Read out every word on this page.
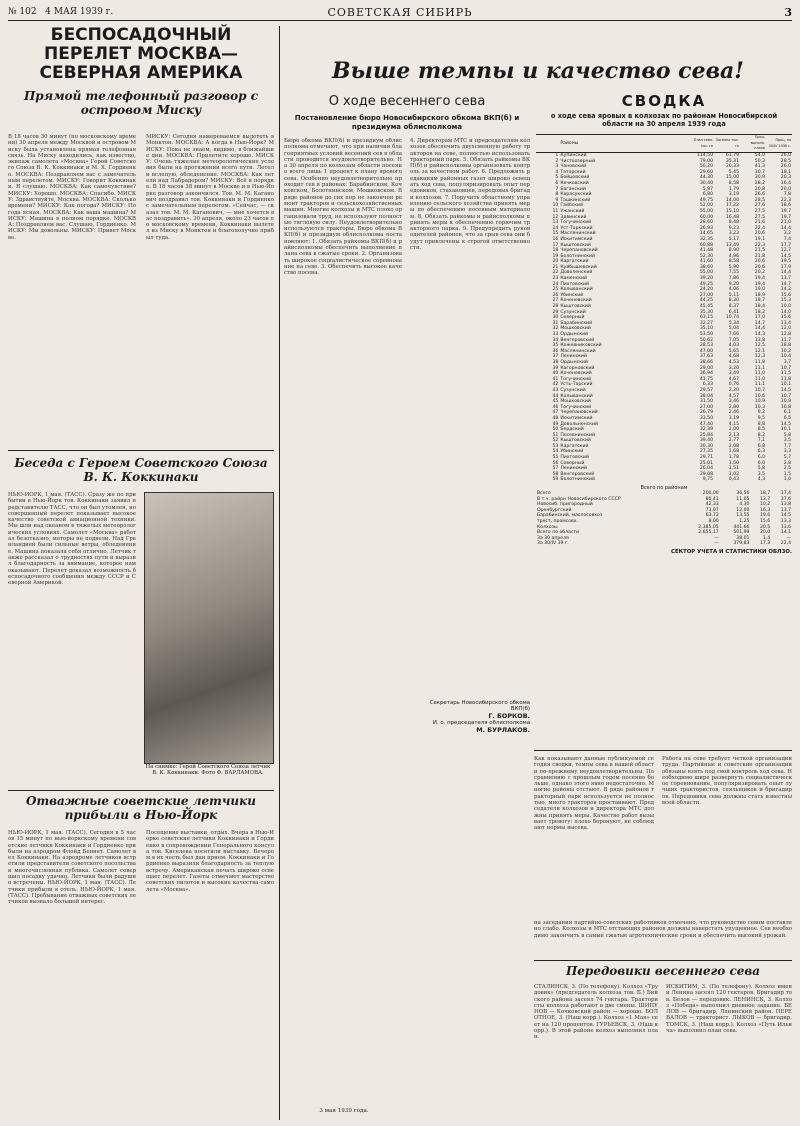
№ 102 4 МАЯ 1939 г.	СОВЕТСКАЯ СИБИРЬ	3
БЕСПОСАДОЧНЫЙ ПЕРЕЛЕТ МОСКВА—СЕВЕРНАЯ АМЕРИКА
Прямой телефонный разговор с островом Миску
В 18 часов 30 минут (по московскому времени) 30 апреля между Москвой и островом Миску была установлена прямая телефонная связь. На Миску находились, как известно, экипаж самолета «Москва» Герой Советского Союза В. К. Коккинаки и М. Х. Гордиенко. МОСКВА: Поздравляем вас с замечательным перелетом. МИСКУ: Говорит Коккинаки. Я слушаю. МОСКВА: Как самочувствие? МИСКУ: Хорошо. МОСКВА: Спасибо. МИСКУ: Здравствуйте, Москва. МОСКВА: Сколько времени? МИСКУ: Как погода? МИСКУ: Погода ясная. МОСКВА: Как ваша машина? МИСКУ: Машина в полном порядке. МОСКВА: Поздравляем вас. Слушаю, Гордиенко. МИСКУ: Мы довольны. МИСКУ: Привет Москве.
МИСКУ: Сегодня намереваемся вылететь в Монктон. МОСКВА: А когда в Нью-Йорк? МИСКУ: Пока не знаем, видимо, в ближайшие дни. МОСКВА: Прилетите хорошо. МИСКУ: Очень тяжелые метеорологические условия были на протяжении всего пути. Летели вслепую, обледенение. МОСКВА: Как летели над Лабрадором? МИСКУ: Всё в порядке. В 18 часов 38 минут в Москве и в Нью-Йорке разговор закончился. Тов. М. М. Каганович поздравил тов. Коккинаки и Гордиенко с замечательным перелетом. «Сейчас, — сказал тов. М. М. Каганович, — мне хочется вас поздравить». 30 апреля, около 23 часов по московскому времени, Коккинаки вылетел из Миску в Монктон и благополучно прибыл туда.
Беседа с Героем Советского Союза В. К. Коккинаки
НЬЮ-ЙОРК, 1 мая. (ТАСС). Сразу же по прибытии в Нью-Йорк тов. Коккинаки заявил представителю ТАСС, что он был утомлен, но совершенный перелет показывает высокое качество советской авиационной техники. Мы шли над океаном в тяжелых метеорологических условиях. Самолет «Москва» работал безотказно, моторы не подвели. Над Гренландией были сильные ветры, обледенение. Машина показала себя отлично. Летчик также рассказал о трудностях пути и выразил благодарность за внимание, которое нам оказывают. Перелет доказал возможность беспосадочного сообщения между СССР и Северной Америкой.
На снимке: Герой Советского Союза летчик В. К. Коккинаки. Фото Ф. ВАРЛАМОВА.
Отважные советские летчики прибыли в Нью-Йорк
НЬЮ-ЙОРК, 1 мая. (ТАСС). Сегодня в 5 часов 15 минут по нью-йоркскому времени советские летчики Коккинаки и Гордиенко прибыли на аэродром Флойд Беннет. Самолет вел Коккинаки. На аэродроме летчиков встретили представители советского посольства и многочисленная публика. Самолет совершил посадку удачно. Летчики были радушно встречены. НЬЮ-ЙОРК, 1 мая. (ТАСС). Летчики прибыли в отель. НЬЮ-ЙОРК, 1 мая. (ТАСС). Пребывание отважных советских летчиков вызвало большой интерес.
Посещение выставки, отдых. Вчера в Нью-Йорке советские летчики Коккинаки и Гордиенко в сопровождении Генерального консула тов. Киселева посетили выставку. Вечером в их честь был дан прием. Коккинаки и Гордиенко выразили благодарность за теплую встречу. Американская печать широко освещает перелет. Газеты отмечают мастерство советских пилотов и высокие качества самолета «Москва».
Выше темпы и качество сева!
О ходе весеннего сева
Постановление бюро Новосибирского обкома ВКП(б) и президиума облисполкома
Бюро обкома ВКП(б) и президиум облисполкома отмечают, что при наличии благоприятных условий весенний сев в области проводится неудовлетворительно. На 30 апреля по колхозам области посеяно всего лишь 1 процент к плану ярового сева. Особенно неудовлетворительно проходит сев в районах: Барабинском, Кочковском, Болотнинском, Мошковском. В ряде районов до сих пор не закончен ремонт тракторов и сельскохозяйственных машин. Многие колхозы и МТС плохо организовали труд, не используют полностью тягловую силу. Неудовлетворительно используются тракторы. Бюро обкома ВКП(б) и президиум облисполкома постановляют: 1. Обязать райкомы ВКП(б) и райисполкомы обеспечить выполнение плана сева в сжатые сроки. 2. Организовать широкое социалистическое соревнование на севе. 3. Обеспечить высокое качество посева.
4. Директорам МТС и председателям колхозов обеспечить двухсменную работу тракторов на севе, полностью использовать тракторный парк. 5. Обязать райкомы ВКП(б) и райисполкомы организовать контроль за качеством работ. 6. Предложить редакциям районных газет широко освещать ход сева, популяризировать опыт передовиков, стахановцев, передовых бригад и колхозов. 7. Поручить областному управлению сельского хозяйства принять меры по обеспечению посевным материалом. 8. Обязать райкомы и райисполкомы принять меры к обеспечению горючим тракторного парка. 9. Предупредить руководителей районов, что за срыв сева они будут привлечены к строгой ответственности.
Секретарь Новосибирского обкома ВКП(б)
Г. БОРКОВ.
И. о. председателя облисполкома
М. БУРЛАКОВ.
3 мая 1939 года.
СВОДКА
о ходе сева яровых в колхозах по районам Новосибирской области на 30 апреля 1939 года
	Районы	План сева, тыс. га	Засеяно тыс. га	Проц. выполн. плана	Проц. на 30/IV 1938 г.
1	Купинский	114,50	61,79	54,0	26,0
2	Чистоозерный	79,00	35,31	50,3	28,5
3	Чановский	50,20	20,33	41,3	26,0
4	Татарский	29,60	5,45	30,7	18,1
5	Бойцовский	44,30	15,00	30,9	20,3
6	Кочковский	30,40	8,58	28,2	16,4
7	Баганский	5,87	1,79	20,8	20,0
8	Карасукский	6,80	3,19	26,6	7,8
9	Ташкинский	49,75	14,00	28,5	22,3
10	Гайбский	52,00	17,22	27,6	18,6
11	Ужанский	55,00	15,10	27,5	19,7
12	Здвинский	60,00	16,48	27,5	19,7
13	Тогучинский	28,60	8,48	21,6	21,0
14	Уст-Таркский	26,93	9,23	22,4	14,4
15	Маслянинский	14,65	3,23	20,6	3,2
16	Искитимский	32,35	5,17	19,1	7,4
17	Кыштовский	60,88	13,49	22,3	17,7
18	Черепановский	41,48	8,90	21,5	12,7
19	Болотнинский	52,30	4,96	21,8	14,5
20	Каргатский	41,60	8,58	20,6	19,5
21	Куйбышевский	38,60	5,90	20,6	17,9
22	Доволенский	55,00	7,55	20,2	14,4
23	Каменский	39,20	7,86	19,4	13,7
24	Пихтовский	49,25	9,20	19,4	14,7
25	Колыванский	24,20	4,06	19,0	14,2
26	Убинский	27,00	5,11	18,9	15,6
27	Коченевский	44,25	8,30	18,7	15,3
28	Кыштовский	45,45	8,37	18,4	10,0
29	Сузунский	35,30	6,41	18,2	14,0
30	Северный	63,15	10,74	17,0	15,6
31	Барабинский	32,27	5,34	14,7	13,4
32	Мошковский	35,10	5,04	14,4	12,0
33	Ордынский	53,50	7,66	14,3	12,8
34	Венгеровский	50,62	7,05	13,8	11,7
35	Кожевниковский	28,53	4,03	12,5	18,8
36	Маслянинский	47,00	5,65	12,1	10,2
37	Ленинский	37,63	4,68	12,3	10,4
38	Ордынский	38,66	4,53	11,8	3,7
39	Кагорновский	29,00	3,20	11,1	10,7
40	Коченевский	36,94	3,49	11,0	11,5
41	Тогучинский	41,75	4,67	11,0	11,8
42	Усть-Тарский	6,33	0,76	11,1	10,1
43	Сузунский	29,57	2,20	10,7	14,5
44	Колыванский	38,04	4,57	10,6	10,7
45	Мошковский	31,50	3,46	10,9	10,9
46	Тогучинский	27,00	2,80	10,3	10,8
47	Черепановский	26,79	2,46	9,2	6,1
48	Искитимский	33,50	3,19	9,5	6,5
49	Довольненский	47,40	4,15	8,8	14,5
50	Бердский	32,39	2,00	8,5	10,1
51	Посевнинский	25,84	2,13	8,2	5,8
52	Кыштовский	39,40	2,77	7,1	3,5
53	Каргатский	30,30	2,08	6,8	7,7
54	Убинский	27,35	1,68	6,3	3,3
55	Пихтовский	29,71	1,78	6,0	5,7
56	Северный	25,01	1,50	6,0	2,8
57	Ленинский	26,04	1,51	5,8	2,5
58	Венгеровский	29,08	1,02	3,5	1,5
59	Болотнинский	9,75	0,43	4,3	1,0
Всего по районам
Всего	200,00	36,56	18,7	17,4
В т.ч. райрн Новосибирского СССР	80,41	11,05	13,7	37,6
Новосиб. пригородный	42,33	4,30	10,2	13,8
Оренбургский	73,97	12,00	16,3	13,7
Барабинский, маслосовхоз	63,73	13,55	19,6	14,5
трест, промсовх.	8,00	1,25	15,6	13,3
Колхозы	2,385,05	441,66	20,5	13,6
Всего по области	2,655,17	501,99	20,0	14,1
За 30 апреля	—	38,01	1,4	—
За 30/IV 39 г.	—	379,83	17,3	22,4
СЕКТОР УЧЕТА И СТАТИСТИКИ ОБЛЗО.
Как показывают данные публикуемой сегодня сводки, темпы сева в нашей области по-прежнему неудовлетворительны. По сравнению с прошлым годом посеяно больше, однако этого явно недостаточно. Многие районы отстают. В ряде районов тракторный парк используется не полностью, много тракторов простаивают. Председатели колхозов и директора МТС должны принять меры. Качество работ вызывает тревогу: плохо боронуют, не соблюдают нормы высева.
Работа на севе требует четкой организации труда. Партийные и советские организации обязаны взять под свой контроль ход сева. Необходимо шире развернуть социалистическое соревнование, популяризировать опыт лучших трактористов, сеяльщиков и бригадиров. Передовики сева должны стать известны всей области.
на заседании партийно-советских работников отмечено, что руководство севом поставлено слабо. Колхозы и МТС отстающих районов должны наверстать упущенное. Сев необходимо закончить в самые сжатые агротехнические сроки и обеспечить высокий урожай.
Передовики весеннего сева
СТАЛИНСК, 3. (По телефону). Колхоз «Трудовик» (председатель колхоза тов. Б.) Бийского района засеял 74 гектара. Трактористы колхоза работают в две смены. ШИПУНОВ — Кочковский район — хорошо. БОЛОТНОЕ, 3. (Наш корр.). Колхоз «1 Мая» сеет на 120 процентов. ГУРЬЕВСК, 3. (Наш корр.). В этой районе колхоз выполнил план.
ИСКИТИМ, 3. (По телефону). Колхоз имени Ленина засеял 120 гектаров. Бригадир тов. Белов — передовик. ЛЕНИНСК, 3. Колхоз «Победа» выполнил дневное задание. БЕЛОВ — бригадир, Ленинский район. ПЕРЕВАЛОВ — тракторист. ЛЫКОВ — бригадир. ТОМСК, 3. (Наш корр.). Колхоз «Путь Ильича» выполнил план сева.
